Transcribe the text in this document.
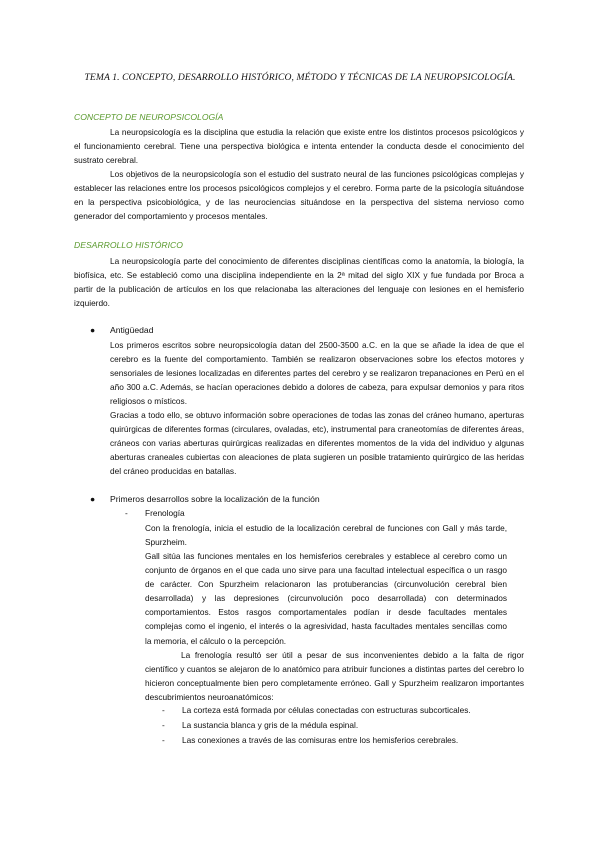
TEMA 1. CONCEPTO, DESARROLLO HISTÓRICO, MÉTODO Y TÉCNICAS DE LA NEUROPSICOLOGÍA.
CONCEPTO DE NEUROPSICOLOGÍA

La neuropsicología es la disciplina que estudia la relación que existe entre los distintos procesos psicológicos y el funcionamiento cerebral. Tiene una perspectiva biológica e intenta entender la conducta desde el conocimiento del sustrato cerebral.

Los objetivos de la neuropsicología son el estudio del sustrato neural de las funciones psicológicas complejas y establecer las relaciones entre los procesos psicológicos complejos y el cerebro. Forma parte de la psicología situándose en la perspectiva psicobiológica, y de las neurociencias situándose en la perspectiva del sistema nervioso como generador del comportamiento y procesos mentales.

DESARROLLO HISTÓRICO

La neuropsicología parte del conocimiento de diferentes disciplinas científicas como la anatomía, la biología, la biofísica, etc. Se estableció como una disciplina independiente en la 2ª mitad del siglo XIX y fue fundada por Broca a partir de la publicación de artículos en los que relacionaba las alteraciones del lenguaje con lesiones en el hemisferio izquierdo.

● Antigüedad

Los primeros escritos sobre neuropsicología datan del 2500-3500 a.C. en la que se añade la idea de que el cerebro es la fuente del comportamiento. También se realizaron observaciones sobre los efectos motores y sensoriales de lesiones localizadas en diferentes partes del cerebro y se realizaron trepanaciones en Perú en el año 300 a.C. Además, se hacían operaciones debido a dolores de cabeza, para expulsar demonios y para ritos religiosos o místicos.

Gracias a todo ello, se obtuvo información sobre operaciones de todas las zonas del cráneo humano, aperturas quirúrgicas de diferentes formas (circulares, ovaladas, etc), instrumental para craneotomías de diferentes áreas, cráneos con varias aberturas quirúrgicas realizadas en diferentes momentos de la vida del individuo y algunas aberturas craneales cubiertas con aleaciones de plata sugieren un posible tratamiento quirúrgico de las heridas del cráneo producidas en batallas.

● Primeros desarrollos sobre la localización de la función
- Frenología

Con la frenología, inicia el estudio de la localización cerebral de funciones con Gall y más tarde, Spurzheim.

Gall sitúa las funciones mentales en los hemisferios cerebrales y establece al cerebro como un conjunto de órganos en el que cada uno sirve para una facultad intelectual específica o un rasgo de carácter. Con Spurzheim relacionaron las protuberancias (circunvolución cerebral bien desarrollada) y las depresiones (circunvolución poco desarrollada) con determinados comportamientos. Estos rasgos comportamentales podían ir desde facultades mentales complejas como el ingenio, el interés o la agresividad, hasta facultades mentales sencillas como la memoria, el cálculo o la percepción.

La frenología resultó ser útil a pesar de sus inconvenientes debido a la falta de rigor científico y cuantos se alejaron de lo anatómico para atribuir funciones a distintas partes del cerebro lo hicieron conceptualmente bien pero completamente erróneo. Gall y Spurzheim realizaron importantes descubrimientos neuroanatómicos:

- La corteza está formada por células conectadas con estructuras subcorticales.
- La sustancia blanca y gris de la médula espinal.
- Las conexiones a través de las comisuras entre los hemisferios cerebrales.
